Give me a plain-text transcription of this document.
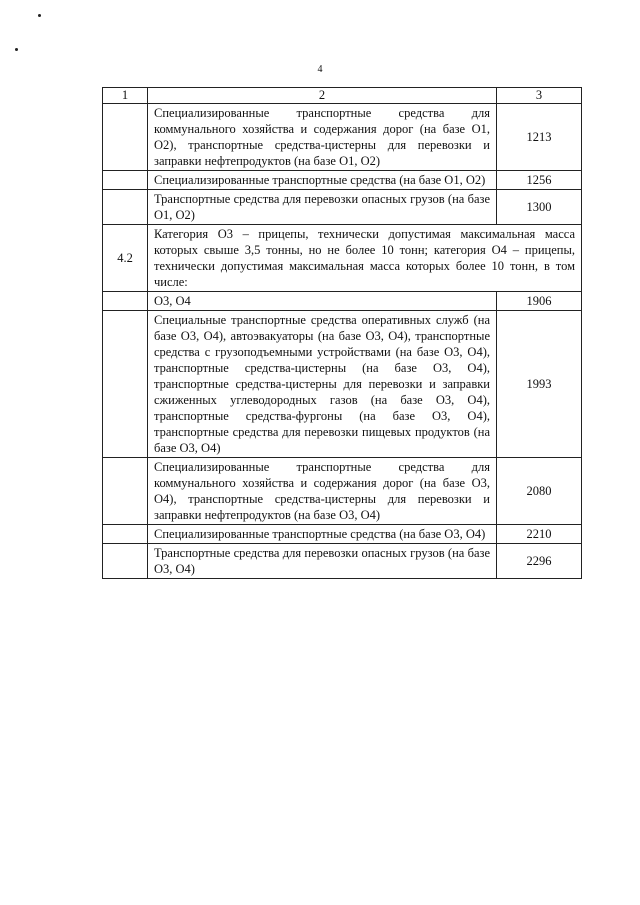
4
1	2	3
	Специализированные транспортные средства для коммунального хозяйства и содержания дорог (на базе О1, О2), транспортные средства-цистерны для перевозки и заправки нефтепродуктов (на базе О1, О2)	1213
	Специализированные транспортные средства (на базе О1, О2)	1256
	Транспортные средства для перевозки опасных грузов (на базе О1, О2)	1300
4.2	Категория О3 – прицепы, технически допустимая максимальная масса которых свыше 3,5 тонны, но не более 10 тонн; категория О4 – прицепы, технически допустимая максимальная масса которых более 10 тонн, в том числе:	
	О3, О4	1906
	Специальные транспортные средства оперативных служб (на базе О3, О4), автоэвакуаторы (на базе О3, О4), транспортные средства с грузоподъемными устройствами (на базе О3, О4), транспортные средства-цистерны (на базе О3, О4), транспортные средства-цистерны для перевозки и заправки сжиженных углеводородных газов (на базе О3, О4), транспортные средства-фургоны (на базе О3, О4), транспортные средства для перевозки пищевых продуктов (на базе О3, О4)	1993
	Специализированные транспортные средства для коммунального хозяйства и содержания дорог (на базе О3, О4), транспортные средства-цистерны для перевозки и заправки нефтепродуктов (на базе О3, О4)	2080
	Специализированные транспортные средства (на базе О3, О4)	2210
	Транспортные средства для перевозки опасных грузов (на базе О3, О4)	2296
